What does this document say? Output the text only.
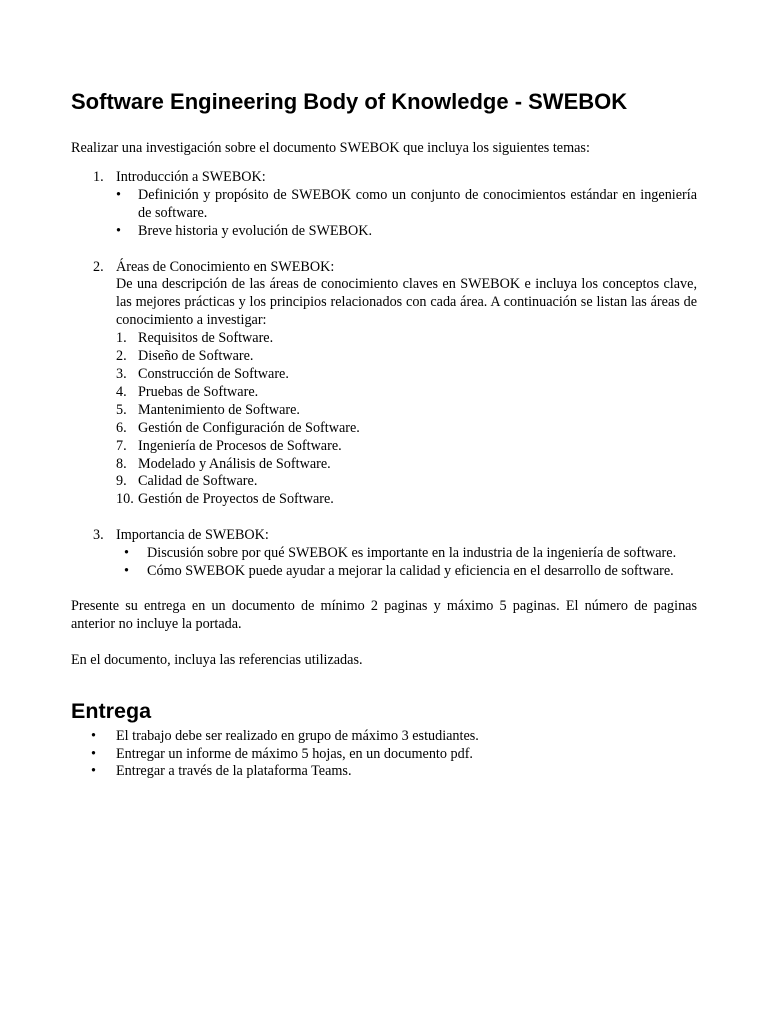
Software Engineering Body of Knowledge - SWEBOK

Realizar una investigación sobre el documento SWEBOK que incluya los siguientes temas:

1. Introducción a SWEBOK:
• Definición y propósito de SWEBOK como un conjunto de conocimientos estándar en ingeniería de software.
• Breve historia y evolución de SWEBOK.
2. Áreas de Conocimiento en SWEBOK:
De una descripción de las áreas de conocimiento claves en SWEBOK e incluya los conceptos clave, las mejores prácticas y los principios relacionados con cada área. A continuación se listan las áreas de conocimiento a investigar:
1. Requisitos de Software.
2. Diseño de Software.
3. Construcción de Software.
4. Pruebas de Software.
5. Mantenimiento de Software.
6. Gestión de Configuración de Software.
7. Ingeniería de Procesos de Software.
8. Modelado y Análisis de Software.
9. Calidad de Software.
10. Gestión de Proyectos de Software.
3. Importancia de SWEBOK:
• Discusión sobre por qué SWEBOK es importante en la industria de la ingeniería de software.
• Cómo SWEBOK puede ayudar a mejorar la calidad y eficiencia en el desarrollo de software.

Presente su entrega en un documento de mínimo 2 paginas y máximo 5 paginas. El número de paginas anterior no incluye la portada.

En el documento, incluya las referencias utilizadas.

Entrega
• El trabajo debe ser realizado en grupo de máximo 3 estudiantes.
• Entregar un informe de máximo 5 hojas, en un documento pdf.
• Entregar a través de la plataforma Teams.
